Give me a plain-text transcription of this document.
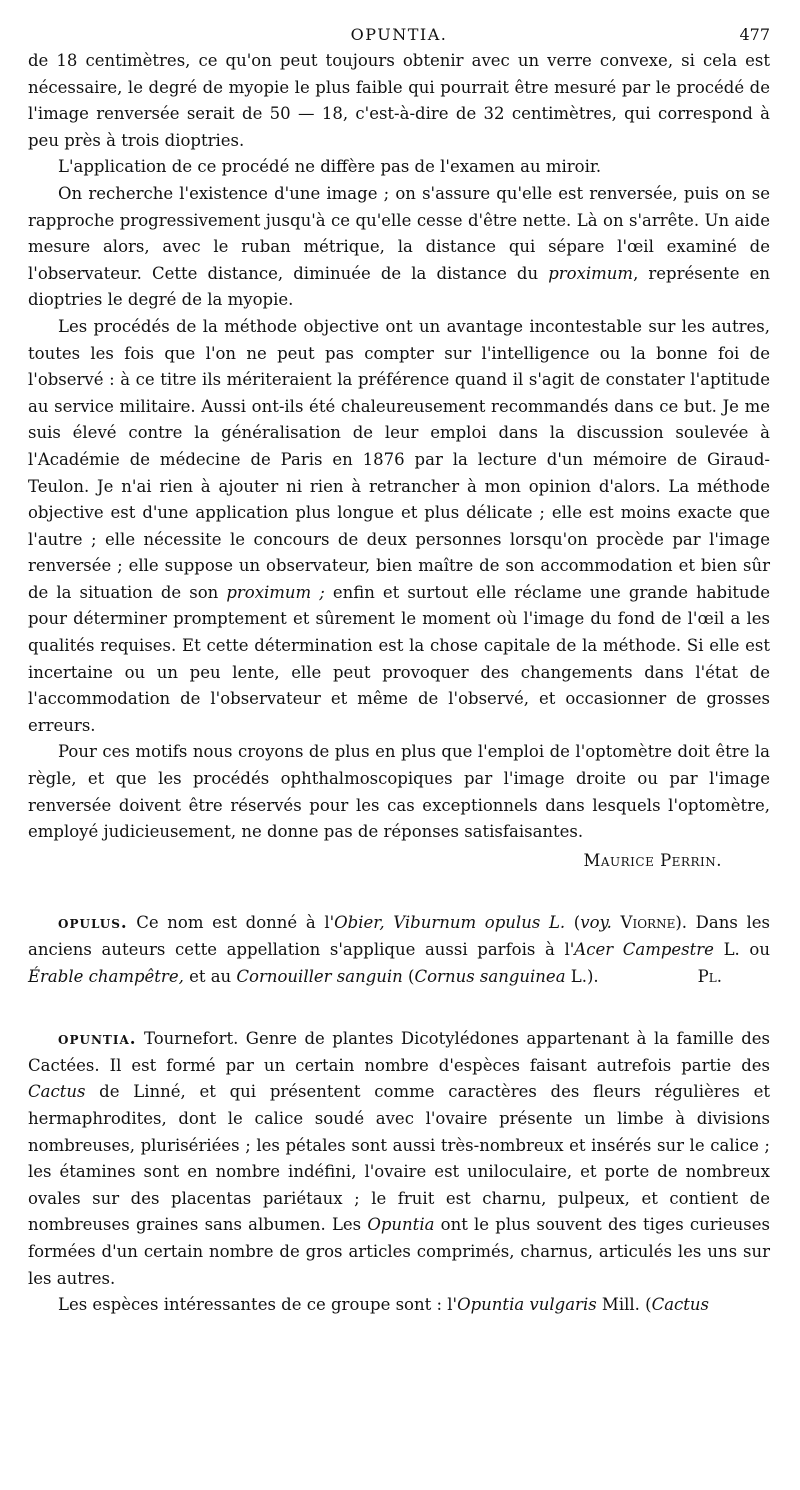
OPUNTIA.	477

de 18 centimètres, ce qu'on peut toujours obtenir avec un verre convexe, si cela est nécessaire, le degré de myopie le plus faible qui pourrait être mesuré par le procédé de l'image renversée serait de 50 — 18, c'est-à-dire de 32 centimètres, qui correspond à peu près à trois dioptries.

L'application de ce procédé ne diffère pas de l'examen au miroir.

On recherche l'existence d'une image ; on s'assure qu'elle est renversée, puis on se rapproche progressivement jusqu'à ce qu'elle cesse d'être nette. Là on s'arrête. Un aide mesure alors, avec le ruban métrique, la distance qui sépare l'œil examiné de l'observateur. Cette distance, diminuée de la distance du proximum, représente en dioptries le degré de la myopie.

Les procédés de la méthode objective ont un avantage incontestable sur les autres, toutes les fois que l'on ne peut pas compter sur l'intelligence ou la bonne foi de l'observé : à ce titre ils mériteraient la préférence quand il s'agit de constater l'aptitude au service militaire. Aussi ont-ils été chaleureusement recommandés dans ce but. Je me suis élevé contre la généralisation de leur emploi dans la discussion soulevée à l'Académie de médecine de Paris en 1876 par la lecture d'un mémoire de Giraud-Teulon. Je n'ai rien à ajouter ni rien à retrancher à mon opinion d'alors. La méthode objective est d'une application plus longue et plus délicate ; elle est moins exacte que l'autre ; elle nécessite le concours de deux personnes lorsqu'on procède par l'image renversée ; elle suppose un observateur, bien maître de son accommodation et bien sûr de la situation de son proximum ; enfin et surtout elle réclame une grande habitude pour déterminer promptement et sûrement le moment où l'image du fond de l'œil a les qualités requises. Et cette détermination est la chose capitale de la méthode. Si elle est incertaine ou un peu lente, elle peut provoquer des changements dans l'état de l'accommodation de l'observateur et même de l'observé, et occasionner de grosses erreurs.

Pour ces motifs nous croyons de plus en plus que l'emploi de l'optomètre doit être la règle, et que les procédés ophthalmoscopiques par l'image droite ou par l'image renversée doivent être réservés pour les cas exceptionnels dans lesquels l'optomètre, employé judicieusement, ne donne pas de réponses satisfaisantes.

Maurice Perrin.

opulus. Ce nom est donné à l'Obier, Viburnum opulus L. (voy. Viorne). Dans les anciens auteurs cette appellation s'applique aussi parfois à l'Acer Campestre L. ou Érable champêtre, et au Cornouiller sanguin (Cornus sanguinea L.).	Pl.

opuntia. Tournefort. Genre de plantes Dicotylédones appartenant à la famille des Cactées. Il est formé par un certain nombre d'espèces faisant autrefois partie des Cactus de Linné, et qui présentent comme caractères des fleurs régulières et hermaphrodites, dont le calice soudé avec l'ovaire présente un limbe à divisions nombreuses, plurisériées ; les pétales sont aussi très-nombreux et insérés sur le calice ; les étamines sont en nombre indéfini, l'ovaire est uniloculaire, et porte de nombreux ovales sur des placentas pariétaux ; le fruit est charnu, pulpeux, et contient de nombreuses graines sans albumen. Les Opuntia ont le plus souvent des tiges curieuses formées d'un certain nombre de gros articles comprimés, charnus, articulés les uns sur les autres.

Les espèces intéressantes de ce groupe sont : l'Opuntia vulgaris Mill. (Cactus
